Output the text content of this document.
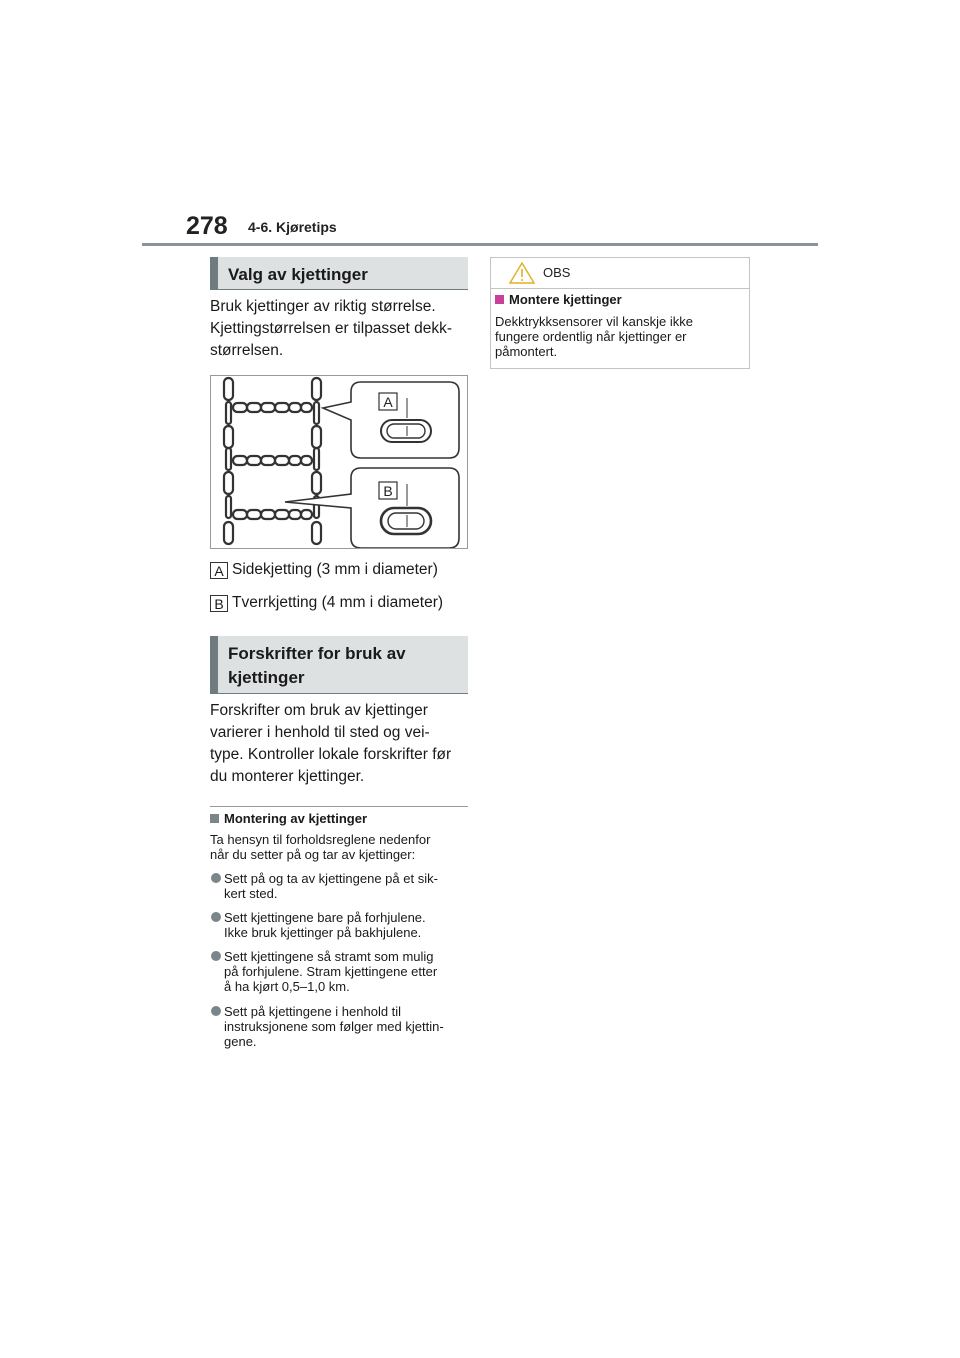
278 4-6. Kjøretips
Valg av kjettinger
Bruk kjettinger av riktig størrelse.
Kjettingstørrelsen er tilpasset dekk-
størrelsen.
A
B
A Sidekjetting (3 mm i diameter)
B Tverrkjetting (4 mm i diameter)
Forskrifter for bruk av
kjettinger
Forskrifter om bruk av kjettinger
varierer i henhold til sted og vei-
type. Kontroller lokale forskrifter før
du monterer kjettinger.
Montering av kjettinger
Ta hensyn til forholdsreglene nedenfor
når du setter på og tar av kjettinger:
Sett på og ta av kjettingene på et sik-
kert sted.
Sett kjettingene bare på forhjulene.
Ikke bruk kjettinger på bakhjulene.
Sett kjettingene så stramt som mulig
på forhjulene. Stram kjettingene etter
å ha kjørt 0,5–1,0 km.
Sett på kjettingene i henhold til
instruksjonene som følger med kjettin-
gene.
OBS
Montere kjettinger
Dekktrykksensorer vil kanskje ikke
fungere ordentlig når kjettinger er
påmontert.
